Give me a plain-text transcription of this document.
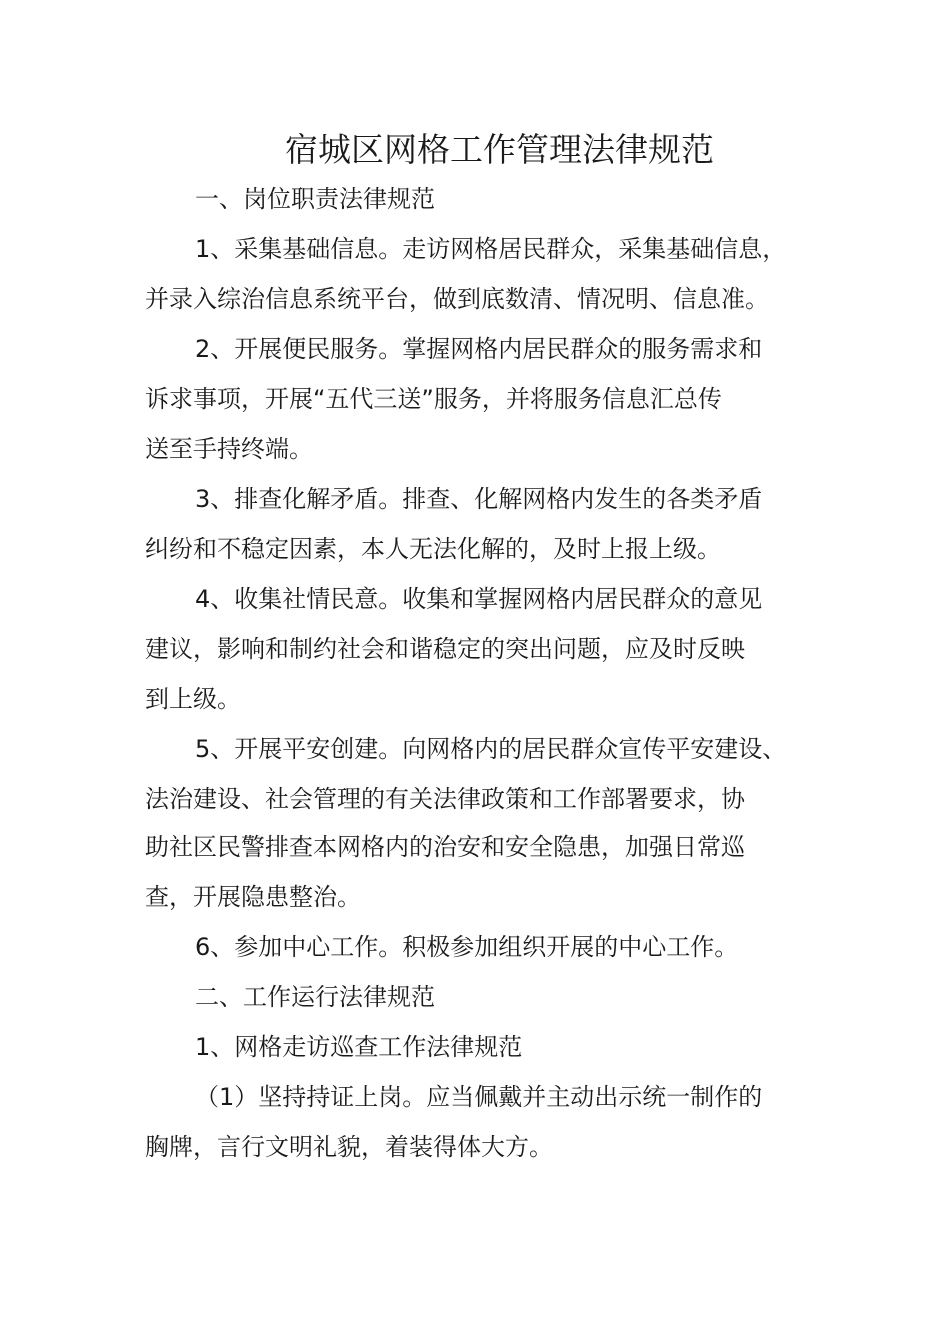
宿城区网格工作管理法律规范
一、岗位职责法律规范
1、采集基础信息。走访网格居民群众，采集基础信息，
并录入综治信息系统平台，做到底数清、情况明、信息准。
2、开展便民服务。掌握网格内居民群众的服务需求和
诉求事项，开展“五代三送”服务，并将服务信息汇总传
送至手持终端。
3、排查化解矛盾。排查、化解网格内发生的各类矛盾
纠纷和不稳定因素，本人无法化解的，及时上报上级。
4、收集社情民意。收集和掌握网格内居民群众的意见
建议，影响和制约社会和谐稳定的突出问题，应及时反映
到上级。
5、开展平安创建。向网格内的居民群众宣传平安建设、
法治建设、社会管理的有关法律政策和工作部署要求，协
助社区民警排查本网格内的治安和安全隐患，加强日常巡
查，开展隐患整治。
6、参加中心工作。积极参加组织开展的中心工作。
二、工作运行法律规范
1、网格走访巡查工作法律规范
（1）坚持持证上岗。应当佩戴并主动出示统一制作的
胸牌，言行文明礼貌，着装得体大方。
